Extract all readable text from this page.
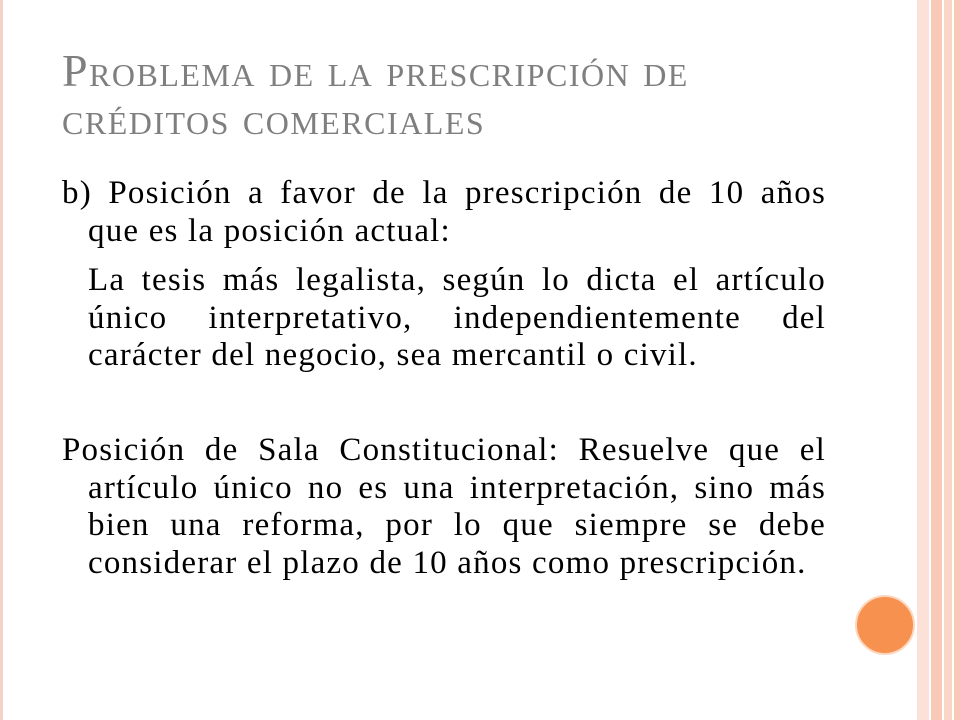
Problema de la prescripción de créditos comerciales
b) Posición a favor de la prescripción de 10 años
que es la posición actual:
La tesis más legalista, según lo dicta el artículo
único interpretativo, independientemente del
carácter del negocio, sea mercantil o civil.
Posición de Sala Constitucional: Resuelve que el
artículo único no es una interpretación, sino más
bien una reforma, por lo que siempre se debe
considerar el plazo de 10 años como prescripción.
